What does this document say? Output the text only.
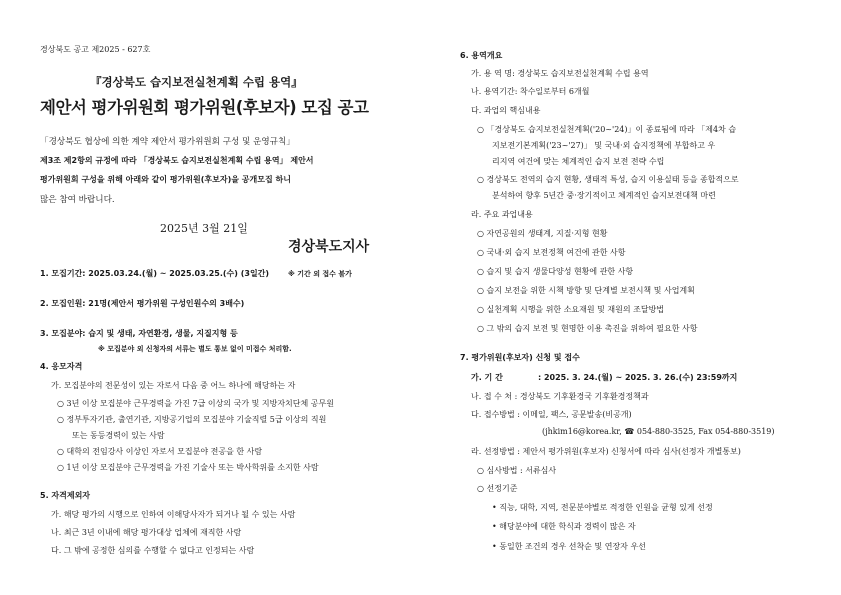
경상북도 공고 제2025 - 627호
『경상북도 습지보전실천계획 수립 용역』
제안서 평가위원회 평가위원(후보자) 모집 공고
「경상북도 협상에 의한 계약 제안서 평가위원회 구성 및 운영규칙」
제3조 제2항의 규정에 따라 「경상북도 습지보전실천계획 수립 용역」 제안서
평가위원회 구성을 위해 아래와 같이 평가위원(후보자)을 공개모집 하니
많은 참여 바랍니다.
2025년 3월 21일
경상북도지사
1. 모집기간: 2025.03.24.(월) ~ 2025.03.25.(수) (3일간)	※ 기간 외 접수 불가
2. 모집인원: 21명(제안서 평가위원 구성인원수의 3배수)
3. 모집분야: 습지 및 생태, 자연환경, 생물, 지질지형 등
※ 모집분야 외 신청자의 서류는 별도 통보 없이 미접수 처리함.
4. 응모자격
가. 모집분야의 전문성이 있는 자로서 다음 중 어느 하나에 해당하는 자
○ 3년 이상 모집분야 근무경력을 가진 7급 이상의 국가 및 지방자치단체 공무원
○ 정부투자기관, 출연기관, 지방공기업의 모집분야 기술직렬 5급 이상의 직원
또는 동등경력이 있는 사람
○ 대학의 전임강사 이상인 자로서 모집분야 전공을 한 사람
○ 1년 이상 모집분야 근무경력을 가진 기술사 또는 박사학위를 소지한 사람
5. 자격제외자
가. 해당 평가의 시행으로 인하여 이해당사자가 되거나 될 수 있는 사람
나. 최근 3년 이내에 해당 평가대상 업체에 재직한 사람
다. 그 밖에 공정한 심의를 수행할 수 없다고 인정되는 사람
6. 용역개요
가. 용 역 명: 경상북도 습지보전실천계획 수립 용역
나. 용역기간: 착수일로부터 6개월
다. 과업의 핵심내용
○ 「경상북도 습지보전실천계획('20~'24)」이 종료됨에 따라 「제4차 습
지보전기본계획('23~'27)」 및 국내·외 습지정책에 부합하고 우
리지역 여건에 맞는 체계적인 습지 보전 전략 수립
○ 경상북도 전역의 습지 현황, 생태적 특성, 습지 이용실태 등을 종합적으로
분석하여 향후 5년간 중·장기적이고 체계적인 습지보전대책 마련
라. 주요 과업내용
○ 자연공원의 생태계, 지질·지형 현황
○ 국내·외 습지 보전정책 여건에 관한 사항
○ 습지 및 습지 생물다양성 현황에 관한 사항
○ 습지 보전을 위한 시책 방향 및 단계별 보전시책 및 사업계획
○ 실천계획 시행을 위한 소요재원 및 재원의 조달방법
○ 그 밖의 습지 보전 및 현명한 이용 촉진을 위하여 필요한 사항
7. 평가위원(후보자) 신청 및 접수
가. 기 간	: 2025. 3. 24.(월) ~ 2025. 3. 26.(수) 23:59까지
나. 접 수 처 : 경상북도 기후환경국 기후환경정책과
다. 접수방법 : 이메일, 팩스, 공문발송(비공개)
(jhkim16@korea.kr, ☎ 054-880-3525, Fax 054-880-3519)
라. 선정방법 : 제안서 평가위원(후보자) 신청서에 따라 심사(선정자 개별통보)
○ 심사방법 : 서류심사
○ 선정기준
• 직능, 대학, 지역, 전문분야별로 적정한 인원을 균형 있게 선정
• 해당분야에 대한 학식과 경력이 많은 자
• 동일한 조건의 경우 선착순 및 연장자 우선
